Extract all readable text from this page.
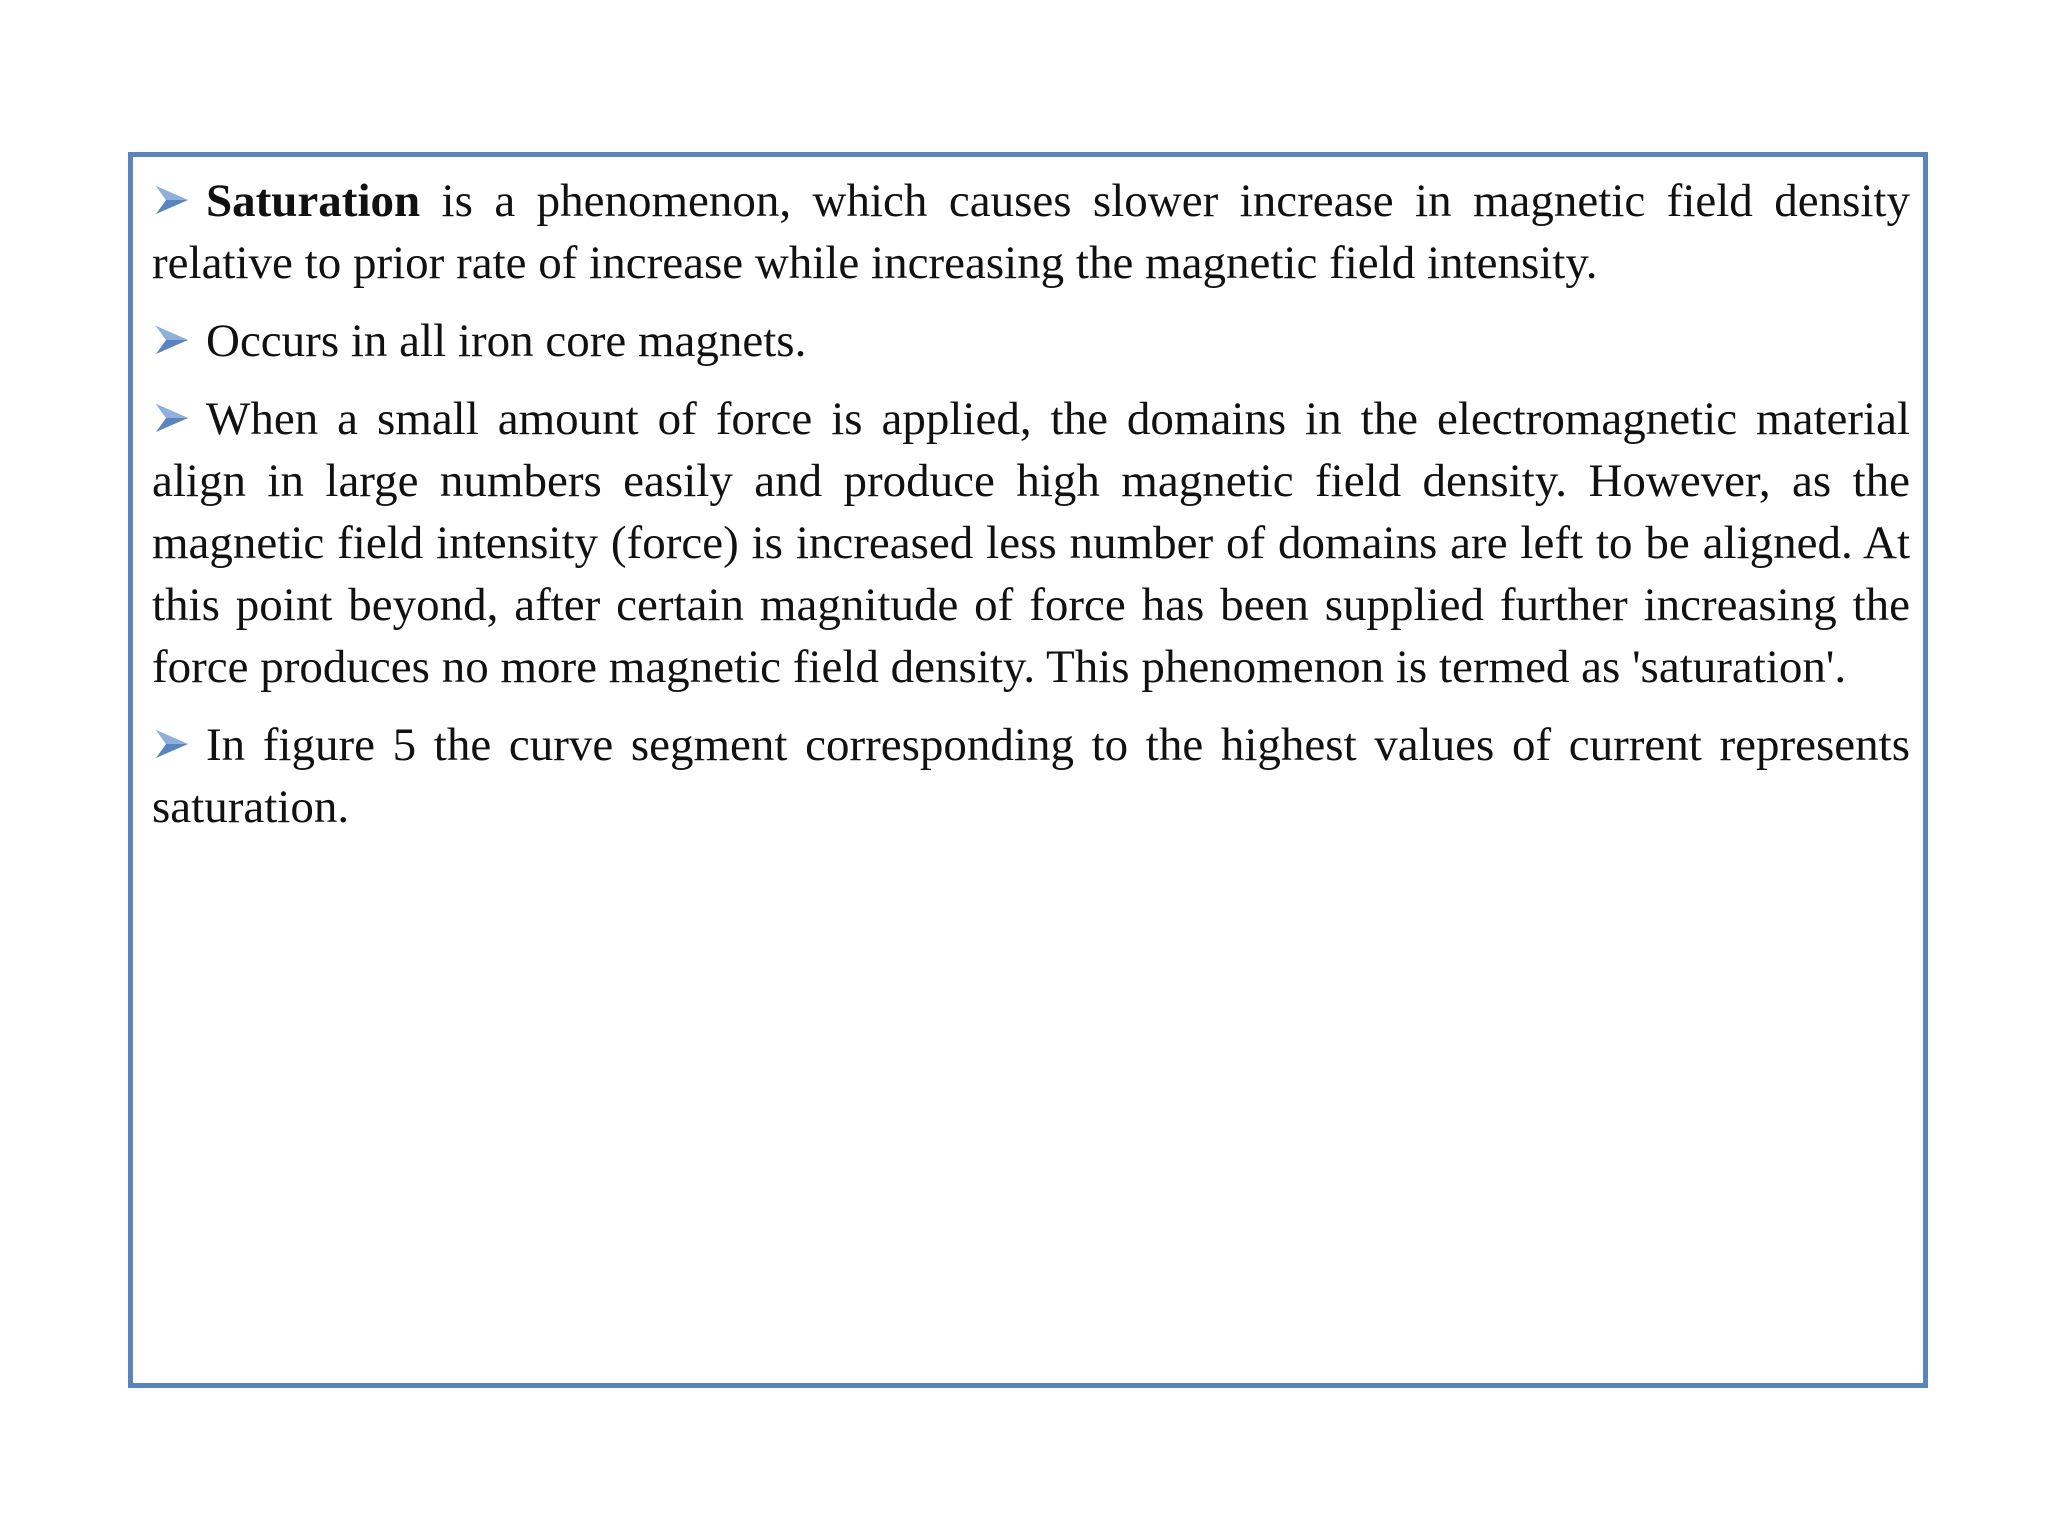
Saturation is a phenomenon, which causes slower increase in magnetic field density relative to prior rate of increase while increasing the magnetic field intensity.
Occurs in all iron core magnets.
When a small amount of force is applied, the domains in the electromagnetic material align in large numbers easily and produce high magnetic field density. However, as the magnetic field intensity (force) is increased less number of domains are left to be aligned. At this point beyond, after certain magnitude of force has been supplied further increasing the force produces no more magnetic field density. This phenomenon is termed as 'saturation'.
In figure 5 the curve segment corresponding to the highest values of current represents saturation.
